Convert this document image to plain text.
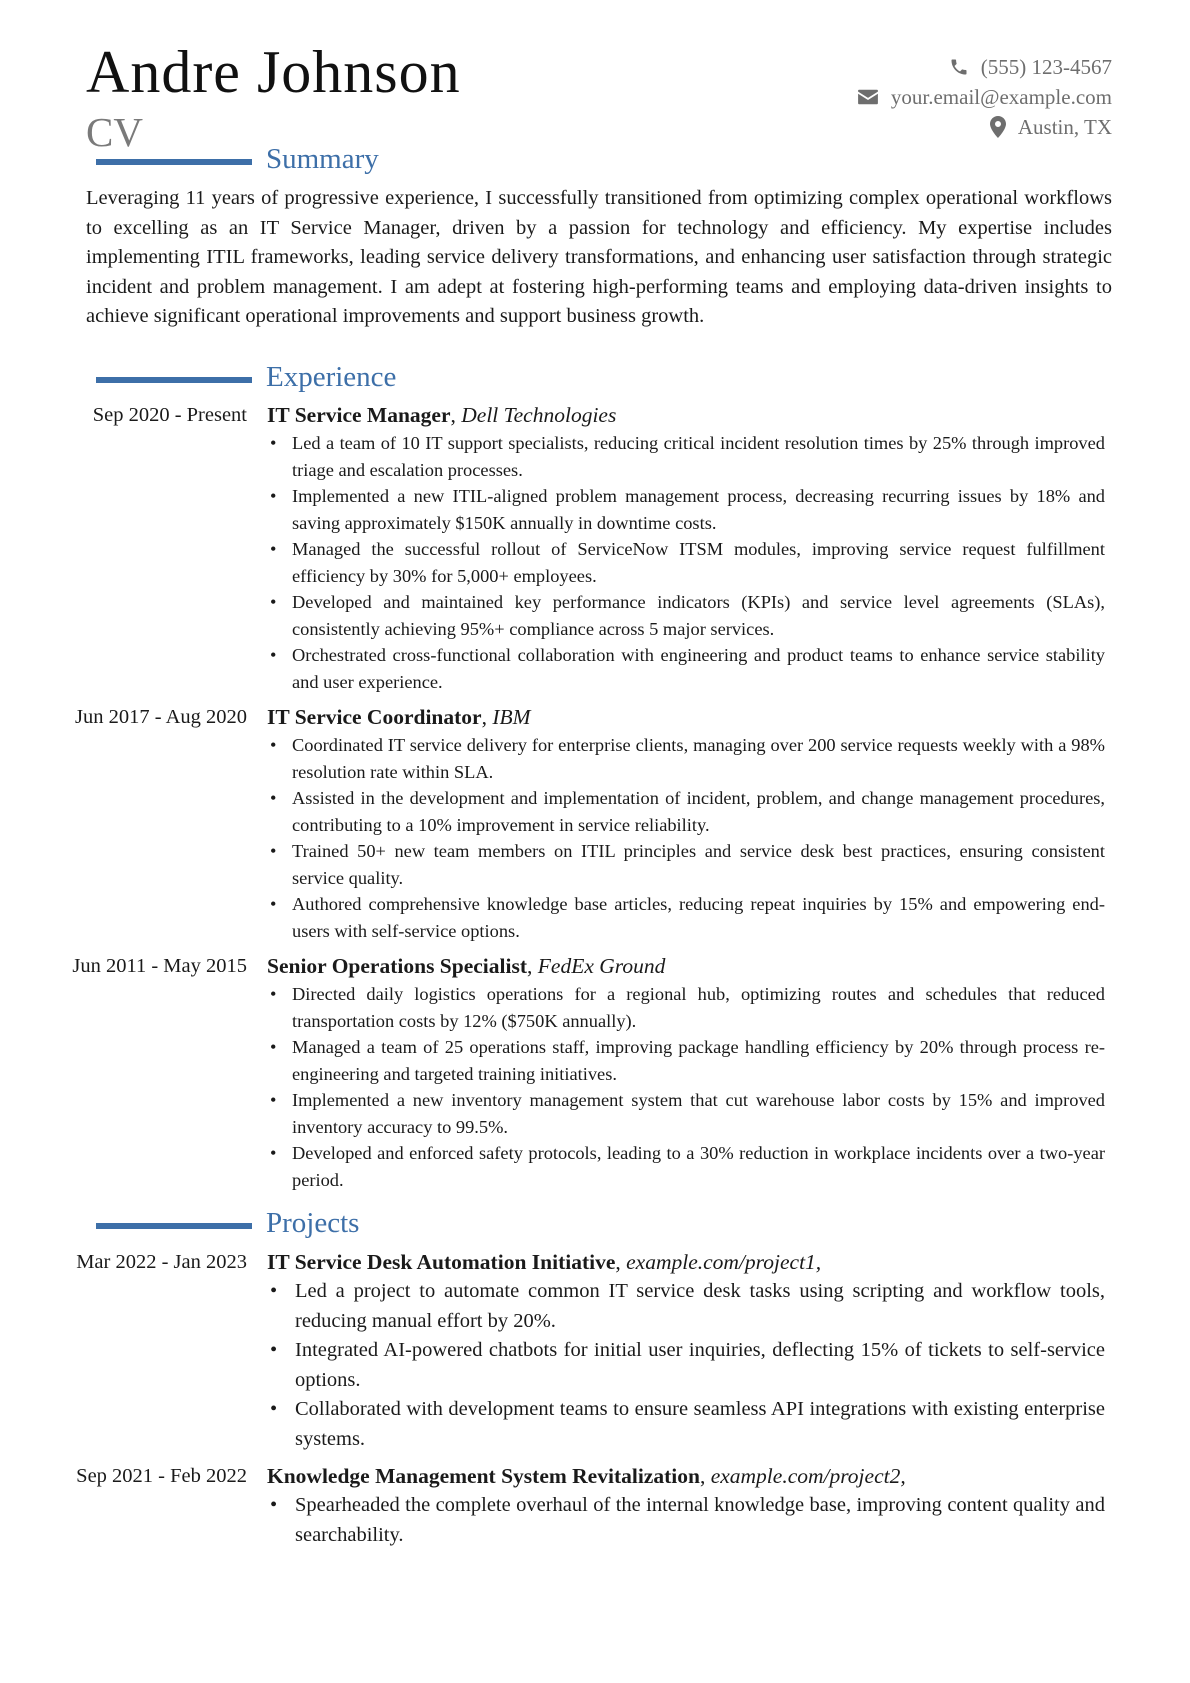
Andre Johnson
CV
(555) 123-4567
your.email@example.com
Austin, TX
Summary
Leveraging 11 years of progressive experience, I successfully transitioned from optimizing complex operational workflows to excelling as an IT Service Manager, driven by a passion for technology and efficiency. My expertise includes implementing ITIL frameworks, leading service delivery transformations, and enhancing user satisfaction through strategic incident and problem management. I am adept at fostering high-performing teams and employing data-driven insights to achieve significant operational improvements and support business growth.
Experience
Sep 2020 - Present IT Service Manager, Dell Technologies
• Led a team of 10 IT support specialists, reducing critical incident resolution times by 25% through improved triage and escalation processes.
• Implemented a new ITIL-aligned problem management process, decreasing recurring issues by 18% and saving approximately $150K annually in downtime costs.
• Managed the successful rollout of ServiceNow ITSM modules, improving service request fulfillment efficiency by 30% for 5,000+ employees.
• Developed and maintained key performance indicators (KPIs) and service level agreements (SLAs), consistently achieving 95%+ compliance across 5 major services.
• Orchestrated cross-functional collaboration with engineering and product teams to enhance service stability and user experience.
Jun 2017 - Aug 2020 IT Service Coordinator, IBM
• Coordinated IT service delivery for enterprise clients, managing over 200 service requests weekly with a 98% resolution rate within SLA.
• Assisted in the development and implementation of incident, problem, and change management procedures, contributing to a 10% improvement in service reliability.
• Trained 50+ new team members on ITIL principles and service desk best practices, ensuring consistent service quality.
• Authored comprehensive knowledge base articles, reducing repeat inquiries by 15% and empowering end-users with self-service options.
Jun 2011 - May 2015 Senior Operations Specialist, FedEx Ground
• Directed daily logistics operations for a regional hub, optimizing routes and schedules that reduced transportation costs by 12% ($750K annually).
• Managed a team of 25 operations staff, improving package handling efficiency by 20% through process re-engineering and targeted training initiatives.
• Implemented a new inventory management system that cut warehouse labor costs by 15% and improved inventory accuracy to 99.5%.
• Developed and enforced safety protocols, leading to a 30% reduction in workplace incidents over a two-year period.
Projects
Mar 2022 - Jan 2023 IT Service Desk Automation Initiative, example.com/project1,
• Led a project to automate common IT service desk tasks using scripting and workflow tools, reducing manual effort by 20%.
• Integrated AI-powered chatbots for initial user inquiries, deflecting 15% of tickets to self-service options.
• Collaborated with development teams to ensure seamless API integrations with existing enterprise systems.
Sep 2021 - Feb 2022 Knowledge Management System Revitalization, example.com/project2,
• Spearheaded the complete overhaul of the internal knowledge base, improving content quality and searchability.
